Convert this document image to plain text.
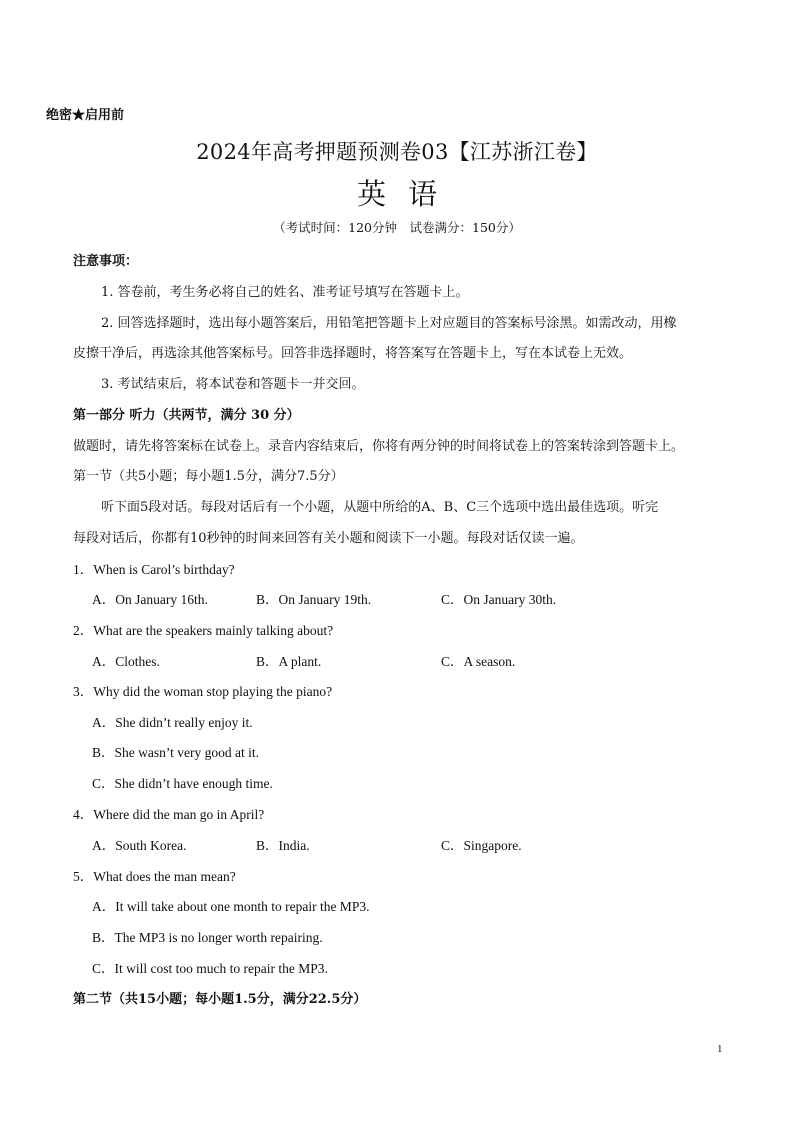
绝密★启用前
2024年高考押题预测卷03【江苏浙江卷】
英语
（考试时间：120分钟　试卷满分：150分）
注意事项：
1. 答卷前，考生务必将自己的姓名、准考证号填写在答题卡上。
2. 回答选择题时，选出每小题答案后，用铅笔把答题卡上对应题目的答案标号涂黑。如需改动，用橡
皮擦干净后，再选涂其他答案标号。回答非选择题时，将答案写在答题卡上，写在本试卷上无效。
3. 考试结束后，将本试卷和答题卡一并交回。
第一部分 听力（共两节，满分 30 分）
做题时，请先将答案标在试卷上。录音内容结束后，你将有两分钟的时间将试卷上的答案转涂到答题卡上。
第一节（共5小题；每小题1.5分，满分7.5分）
听下面5段对话。每段对话后有一个小题，从题中所给的A、B、C三个选项中选出最佳选项。听完
每段对话后，你都有10秒钟的时间来回答有关小题和阅读下一小题。每段对话仅读一遍。
1．When is Carol’s birthday?
A．On January 16th.	B．On January 19th.	C．On January 30th.
2．What are the speakers mainly talking about?
A．Clothes.	B．A plant.	C．A season.
3．Why did the woman stop playing the piano?
A．She didn’t really enjoy it.
B．She wasn’t very good at it.
C．She didn’t have enough time.
4．Where did the man go in April?
A．South Korea.	B．India.	C．Singapore.
5．What does the man mean?
A．It will take about one month to repair the MP3.
B．The MP3 is no longer worth repairing.
C．It will cost too much to repair the MP3.
第二节（共15小题；每小题1.5分，满分22.5分）
1
